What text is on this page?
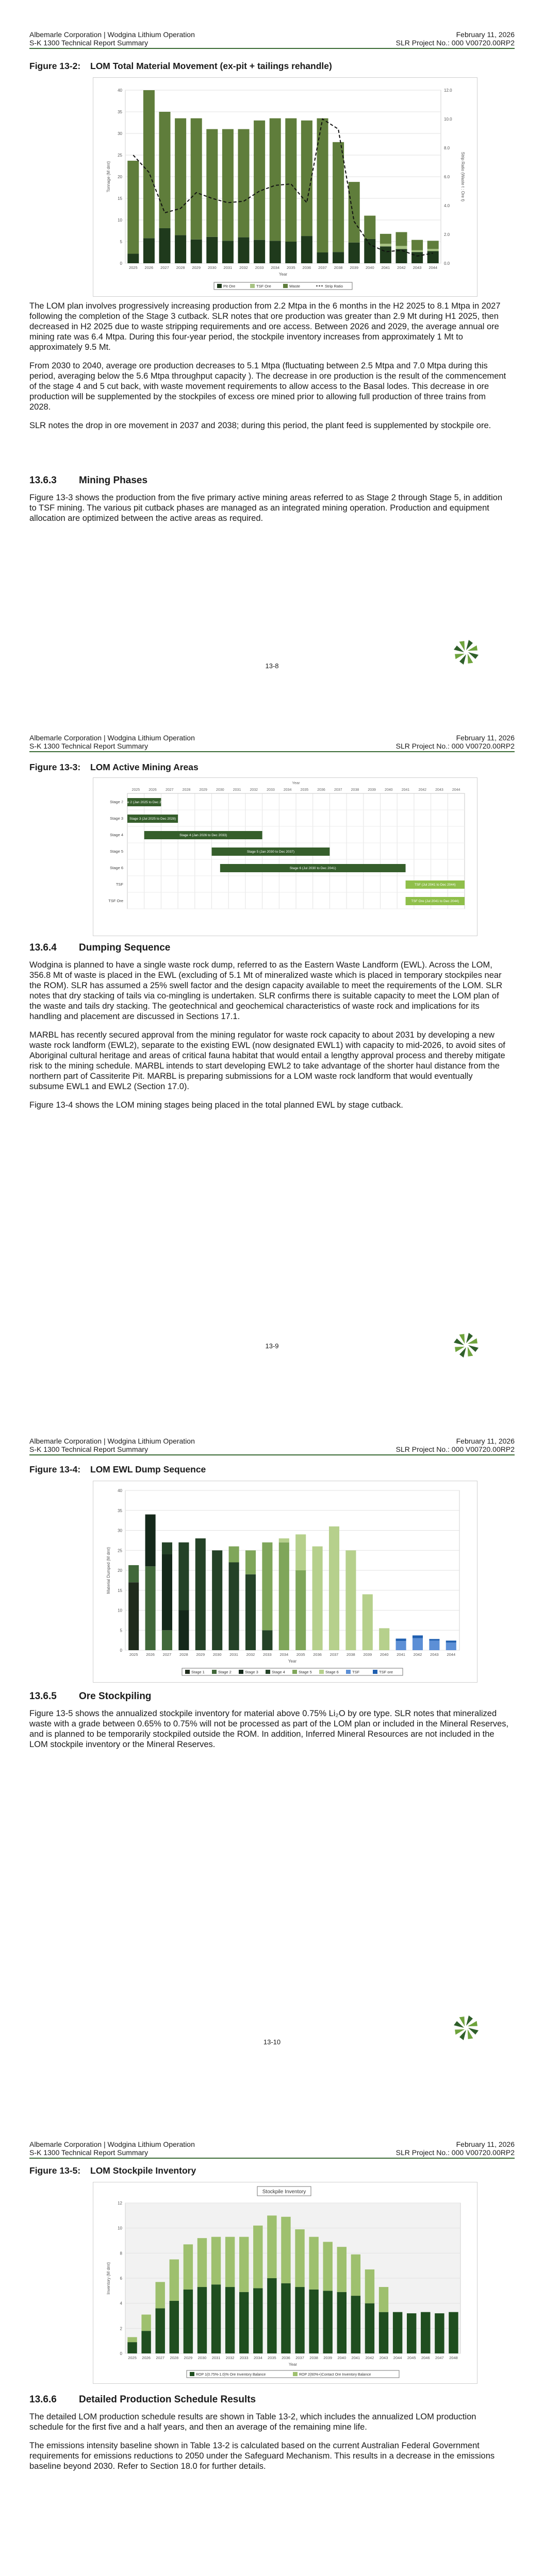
Albemarle Corporation | Wodgina Lithium Operation
S-K 1300 Technical Report Summary
February 11, 2026
SLR Project No.: 000 V00720.00RP2
Figure 13-2: LOM Total Material Movement (ex-pit + tailings rehandle)
0
5
10
15
20
25
30
35
40
2025 2026 2027 2028 2029 2030 2031 2032 2033 2034 2035 2036 2037 2038 2039 2040 2041 2042 2043 2044
Year
Tonnage (M dmt)
0.0
2.0
4.0
6.0
8.0
10.0
12.0
Strip Ratio (Waste t : Ore t)
Pit Ore	TSF Ore	Waste	Strip Ratio

The LOM plan involves progressively increasing production from 2.2 Mtpa in the 6 months in the H2 2025 to 8.1 Mtpa in 2027 following the completion of the Stage 3 cutback. SLR notes that ore production was greater than 2.9 Mt during H1 2025, then decreased in H2 2025 due to waste stripping requirements and ore access. Between 2026 and 2029, the average annual ore mining rate was 6.4 Mtpa. During this four-year period, the stockpile inventory increases from approximately 1 Mt to approximately 9.5 Mt.

From 2030 to 2040, average ore production decreases to 5.1 Mtpa (fluctuating between 2.5 Mtpa and 7.0 Mtpa during this period, averaging below the 5.6 Mtpa throughput capacity ). The decrease in ore production is the result of the commencement of the stage 4 and 5 cut back, with waste movement requirements to allow access to the Basal lodes. This decrease in ore production will be supplemented by the stockpiles of excess ore mined prior to allowing full production of three trains from 2028.

SLR notes the drop in ore movement in 2037 and 2038; during this period, the plant feed is supplemented by stockpile ore.

13.6.3 Mining Phases

Figure 13-3 shows the production from the five primary active mining areas referred to as Stage 2 through Stage 5, in addition to TSF mining. The various pit cutback phases are managed as an integrated mining operation. Production and equipment allocation are optimized between the active areas as required.

13-8
Albemarle Corporation | Wodgina Lithium Operation
S-K 1300 Technical Report Summary
February 11, 2026
SLR Project No.: 000 V00720.00RP2
Figure 13-3: LOM Active Mining Areas
Year
2025 2026 2027 2028 2029 2030 2031 2032 2033 2034 2035 2036 2037 2038 2039 2040 2041 2042 2043 2044
Stage 2
Stage 2 (Jan 2025 to Dec 2027)
Stage 3 Stage 3 (Jul 2025 to Dec 2028)
Stage 4	Stage 4 (Jan 2026 to Dec 2033)
Stage 5	Stage 5 (Jan 2030 to Dec 2037)
Stage 6	Stage 6 (Jul 2030 to Dec 2041)
TSF	TSF (Jul 2041 to Dec 2044)
TSF Ore	TSF Ore (Jul 2041 to Dec 2044)
13.6.4 Dumping Sequence

Wodgina is planned to have a single waste rock dump, referred to as the Eastern Waste Landform (EWL). Across the LOM, 356.8 Mt of waste is placed in the EWL (excluding of 5.1 Mt of mineralized waste which is placed in temporary stockpiles near the ROM). SLR has assumed a 25% swell factor and the design capacity available to meet the requirements of the LOM. SLR notes that dry stacking of tails via co-mingling is undertaken. SLR confirms there is suitable capacity to meet the LOM plan of the waste and tails dry stacking. The geotechnical and geochemical characteristics of waste rock and implications for its handling and placement are discussed in Sections 17.1.

MARBL has recently secured approval from the mining regulator for waste rock capacity to about 2031 by developing a new waste rock landform (EWL2), separate to the existing EWL (now designated EWL1) with capacity to mid-2026, to avoid sites of Aboriginal cultural heritage and areas of critical fauna habitat that would entail a lengthy approval process and thereby mitigate risk to the mining schedule. MARBL intends to start developing EWL2 to take advantage of the shorter haul distance from the northern part of Cassiterite Pit. MARBL is preparing submissions for a LOM waste rock landform that would eventually subsume EWL1 and EWL2 (Section 17.0).

Figure 13-4 shows the LOM mining stages being placed in the total planned EWL by stage cutback.

13-9
Albemarle Corporation | Wodgina Lithium Operation
S-K 1300 Technical Report Summary
February 11, 2026
SLR Project No.: 000 V00720.00RP2
Figure 13-4: LOM EWL Dump Sequence
0
5
10
15
20
25
30
35
40
2025 2026 2027 2028 2029 2030 2031 2032 2033 2034 2035 2036 2037 2038 2039 2040 2041 2042 2043 2044
Year
Material Dumped (M dmt)
Stage 1	Stage 2	Stage 3	Stage 4	Stage 5	Stage 6	TSF	TSF ore
13.6.5 Ore Stockpiling

Figure 13-5 shows the annualized stockpile inventory for material above 0.75% Li₂O by ore type. SLR notes that mineralized waste with a grade between 0.65% to 0.75% will not be processed as part of the LOM plan or included in the Mineral Reserves, and is planned to be temporarily stockpiled outside the ROM. In addition, Inferred Mineral Resources are not included in the LOM stockpile inventory or the Mineral Reserves.

13-10
Albemarle Corporation | Wodgina Lithium Operation
S-K 1300 Technical Report Summary
February 11, 2026
SLR Project No.: 000 V00720.00RP2
Figure 13-5: LOM Stockpile Inventory
0
2
4
6
8
10
12
2025 2026 2027 2028 2029 2030 2031 2032 2033 2034 2035 2036 2037 2038 2039 2040 2041 2042 2043 2044 2045 2046 2047 2048
Year
Inventory (M dmt)
Stockpile Inventory
ROP 1(0.75%-1.0)% Ore Inventory Balance	ROP 2(60%+)Contact Ore Inventory Balance
13.6.6 Detailed Production Schedule Results

The detailed LOM production schedule results are shown in Table 13-2, which includes the annualized LOM production schedule for the first five and a half years, and then an average of the remaining mine life.

The emissions intensity baseline shown in Table 13-2 is calculated based on the current Australian Federal Government requirements for emissions reductions to 2050 under the Safeguard Mechanism. This results in a decrease in the emissions baseline beyond 2030. Refer to Section 18.0 for further details.
